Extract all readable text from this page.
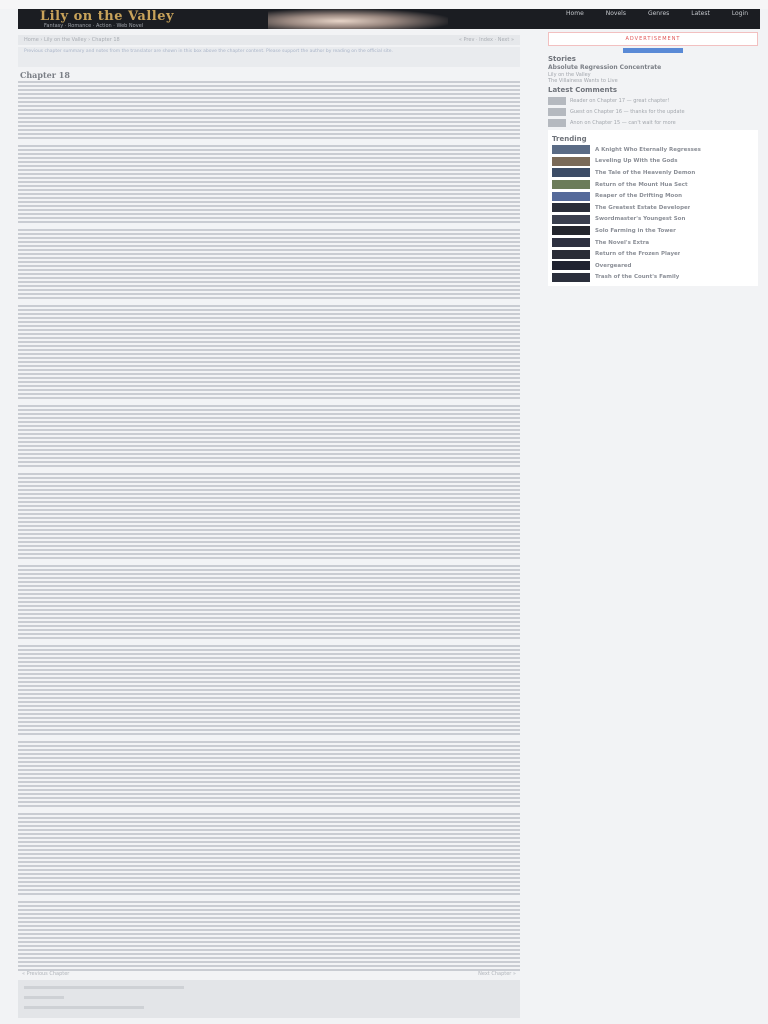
Lily on the Valley
Fantasy · Romance · Action · Web Novel
Home	Novels	Genres	Latest	Login
Home › Lily on the Valley › Chapter 18	« Prev · Index · Next »
Previous chapter summary and notes from the translator are shown in this box above the chapter content. Please support the author by reading on the official site.
Chapter 18
« Previous Chapter	Next Chapter »
ADVERTISEMENT
Stories
Absolute Regression Concentrate
Lily on the Valley
The Villainess Wants to Live
Latest Comments
Reader on Chapter 17 — great chapter!
Guest on Chapter 16 — thanks for the update
Anon on Chapter 15 — can't wait for more
Trending
A Knight Who Eternally Regresses
Leveling Up With the Gods
The Tale of the Heavenly Demon
Return of the Mount Hua Sect
Reaper of the Drifting Moon
The Greatest Estate Developer
Swordmaster's Youngest Son
Solo Farming in the Tower
The Novel's Extra
Return of the Frozen Player
Overgeared
Trash of the Count's Family
